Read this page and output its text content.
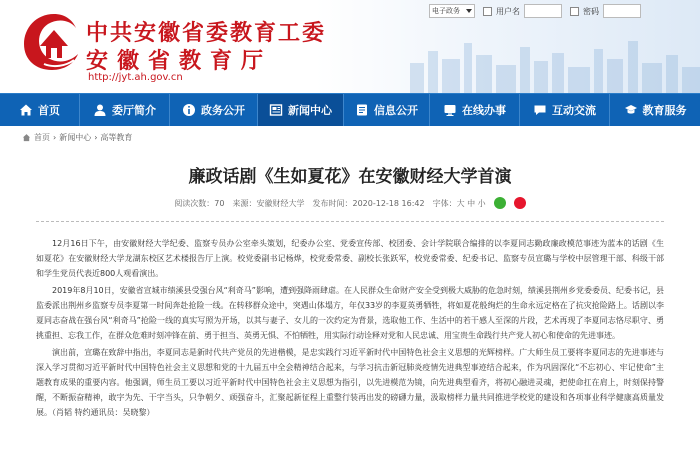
中共安徽省委教育工委
安徽省教育厅
http://jyt.ah.gov.cn
电子政务	用户名	密码
首页	委厅简介	政务公开	新闻中心	信息公开	在线办事	互动交流	教育服务
首页 › 新闻中心 › 高等教育
廉政话剧《生如夏花》在安徽财经大学首演
阅读次数：70 来源：安徽财经大学 发布时间：2020-12-18 16:42 字体：大 中 小

12月16日下午，由安徽财经大学纪委、监察专员办公室牵头策划，纪委办公室、党委宣传部、校团委、会计学院联合编排的以李夏同志勤政廉政模范事迹为蓝本的话剧《生如夏花》在安徽财经大学龙湖东校区艺术楼报告厅上演。校党委副书记杨烨，校党委常委、副校长张跃军，校党委常委、纪委书记、监察专员宣璐与学校中层管理干部、科级干部和学生党员代表近800人观看演出。

2019年8月10日，安徽省宣城市绩溪县受强台风“利奇马”影响，遭到强降雨肆虐。在人民群众生命财产安全受到极大威胁的危急时刻，绩溪县荆州乡党委委员、纪委书记，县监委派出荆州乡监察专员李夏第一时间奔赴抢险一线。在转移群众途中，突遇山体塌方，年仅33岁的李夏英勇牺牲，将如夏花般绚烂的生命永远定格在了抗灾抢险路上。话剧以李夏同志奋战在强台风“利奇马”抢险一线的真实写照为开场，以其与妻子、女儿的一次约定为背景，选取他工作、生活中的若干感人至深的片段，艺术再现了李夏同志恪尽职守、勇挑重担、忘我工作，在群众危难时刻冲锋在前、勇于担当、英勇无惧、不怕牺牲，用实际行动诠释对党和人民忠诚、用宝贵生命践行共产党人初心和使命的先进事迹。

演出前，宣璐在致辞中指出，李夏同志是新时代共产党员的先进楷模，是忠实践行习近平新时代中国特色社会主义思想的光辉榜样。广大师生员工要将李夏同志的先进事迹与深入学习贯彻习近平新时代中国特色社会主义思想和党的十九届五中全会精神结合起来，与学习抗击新冠肺炎疫情先进典型事迹结合起来，作为巩固深化“不忘初心、牢记使命”主题教育成果的重要内容。他强调，师生员工要以习近平新时代中国特色社会主义思想为指引，以先进模范为镜，向先进典型看齐，将初心融进灵魂，把使命扛在肩上，时刻保持警醒，不断振奋精神，敢字为先、干字当头，只争朝夕、顽强奋斗，汇聚起新征程上重整行装再出发的磅礴力量，汲取榜样力量共同推进学校党的建设和各项事业科学健康高质量发展。（肖韬 特约通讯员：吴晓黎）
